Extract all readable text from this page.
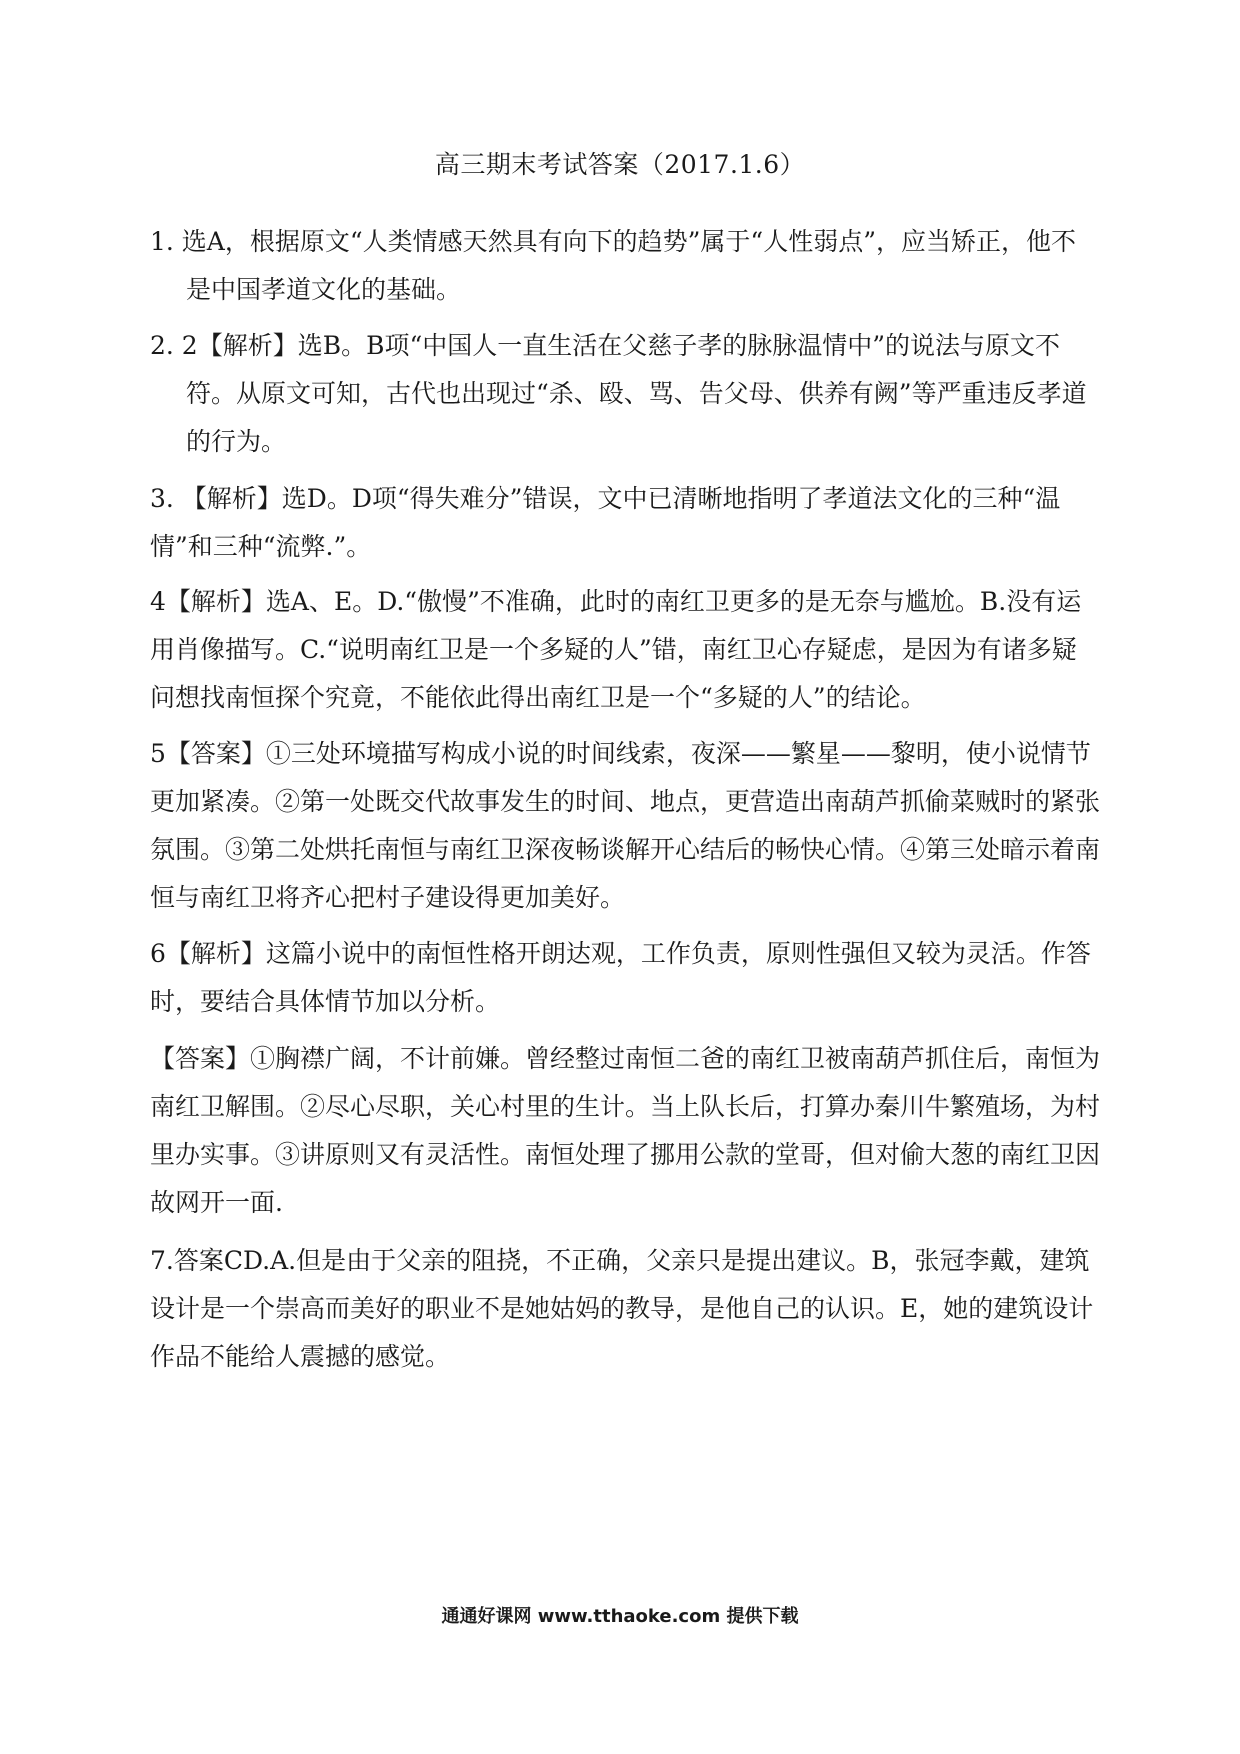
高三期末考试答案（2017.1.6）

1. 选A，根据原文“人类情感天然具有向下的趋势”属于“人性弱点”，应当矫正，他不是中国孝道文化的基础。

2. 2【解析】选B。B项“中国人一直生活在父慈子孝的脉脉温情中”的说法与原文不符。从原文可知，古代也出现过“杀、殴、骂、告父母、供养有阙”等严重违反孝道的行为。

3. 【解析】选D。D项“得失难分”错误，文中已清晰地指明了孝道法文化的三种“温情”和三种“流弊.”。

4【解析】选A、E。D.“傲慢”不准确，此时的南红卫更多的是无奈与尴尬。B.没有运用肖像描写。C.“说明南红卫是一个多疑的人”错，南红卫心存疑虑，是因为有诸多疑问想找南恒探个究竟，不能依此得出南红卫是一个“多疑的人”的结论。

5【答案】①三处环境描写构成小说的时间线索，夜深——繁星——黎明，使小说情节更加紧凑。②第一处既交代故事发生的时间、地点，更营造出南葫芦抓偷菜贼时的紧张氛围。③第二处烘托南恒与南红卫深夜畅谈解开心结后的畅快心情。④第三处暗示着南恒与南红卫将齐心把村子建设得更加美好。

6【解析】这篇小说中的南恒性格开朗达观，工作负责，原则性强但又较为灵活。作答时，要结合具体情节加以分析。

【答案】①胸襟广阔，不计前嫌。曾经整过南恒二爸的南红卫被南葫芦抓住后，南恒为南红卫解围。②尽心尽职，关心村里的生计。当上队长后，打算办秦川牛繁殖场，为村里办实事。③讲原则又有灵活性。南恒处理了挪用公款的堂哥，但对偷大葱的南红卫因故网开一面.

7.答案CD.A.但是由于父亲的阻挠，不正确，父亲只是提出建议。B，张冠李戴，建筑设计是一个崇高而美好的职业不是她姑妈的教导，是他自己的认识。E，她的建筑设计作品不能给人震撼的感觉。

通通好课网 www.tthaoke.com 提供下载
